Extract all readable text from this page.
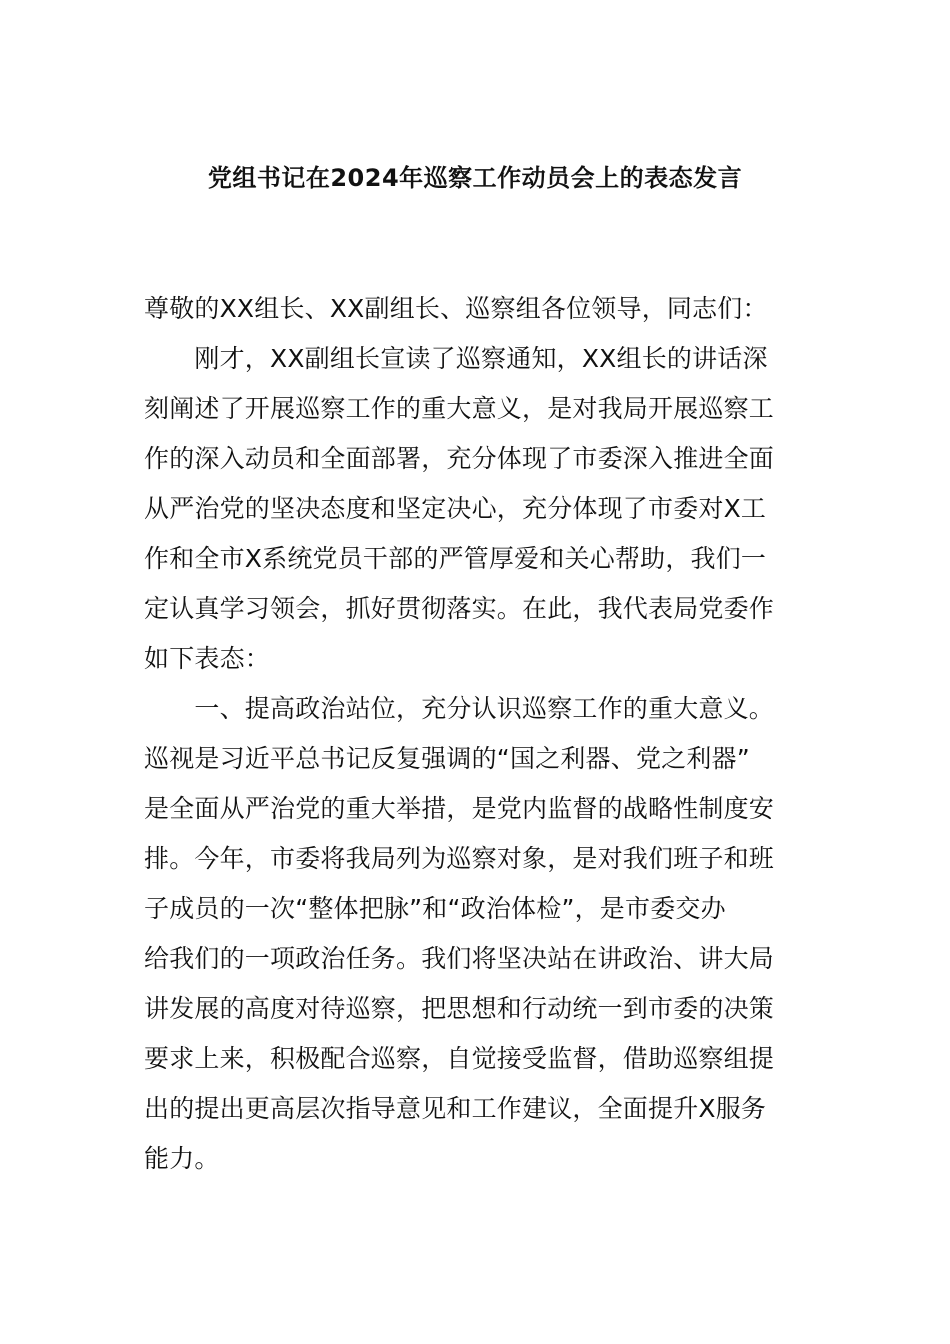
党组书记在2024年巡察工作动员会上的表态发言
尊敬的XX组长、XX副组长、巡察组各位领导，同志们：
　　刚才，XX副组长宣读了巡察通知，XX组长的讲话深
刻阐述了开展巡察工作的重大意义，是对我局开展巡察工
作的深入动员和全面部署，充分体现了市委深入推进全面
从严治党的坚决态度和坚定决心，充分体现了市委对X工
作和全市X系统党员干部的严管厚爱和关心帮助，我们一
定认真学习领会，抓好贯彻落实。在此，我代表局党委作
如下表态：
　　一、提高政治站位，充分认识巡察工作的重大意义。
巡视是习近平总书记反复强调的“国之利器、党之利器”
是全面从严治党的重大举措，是党内监督的战略性制度安
排。今年，市委将我局列为巡察对象，是对我们班子和班
子成员的一次“整体把脉”和“政治体检”，是市委交办
给我们的一项政治任务。我们将坚决站在讲政治、讲大局
讲发展的高度对待巡察，把思想和行动统一到市委的决策
要求上来，积极配合巡察，自觉接受监督，借助巡察组提
出的提出更高层次指导意见和工作建议，全面提升X服务
能力。
